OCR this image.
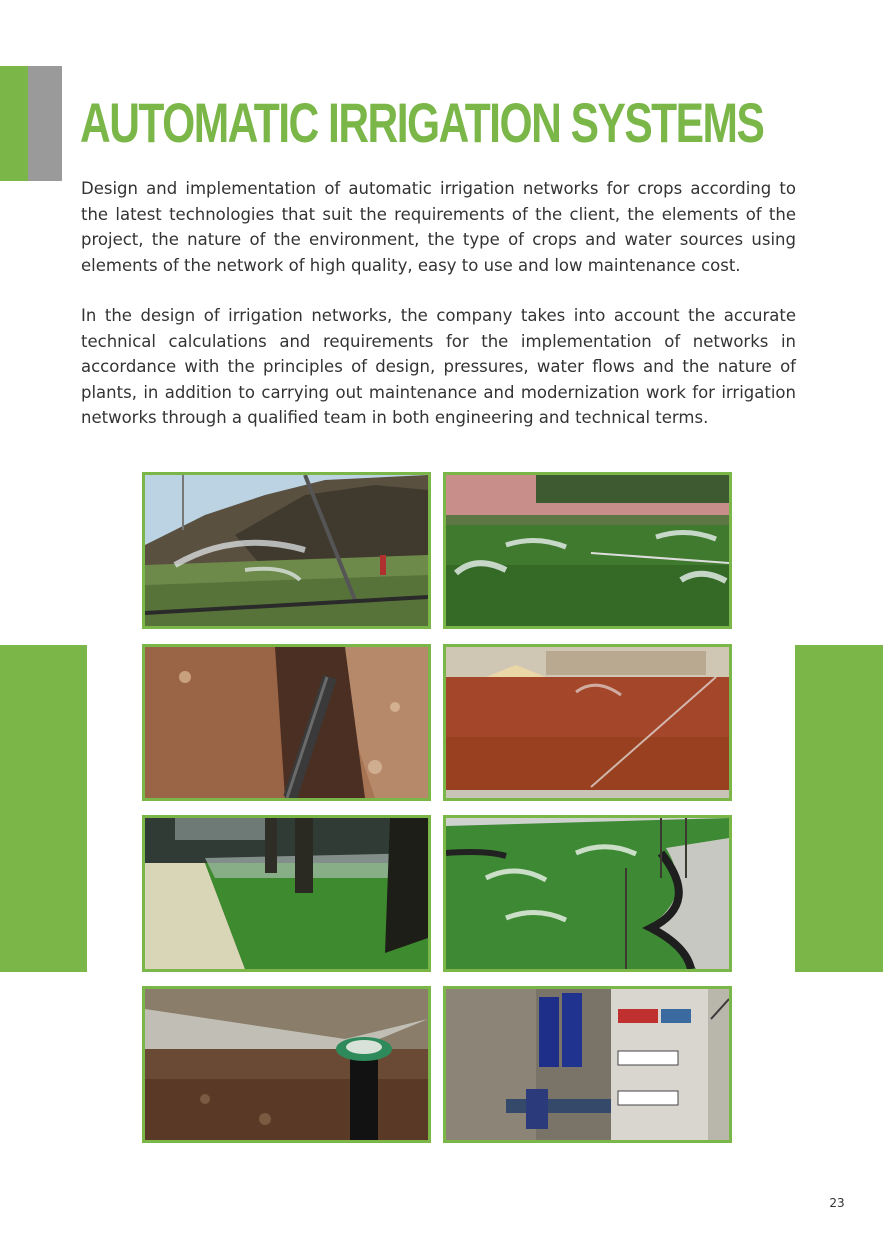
AUTOMATIC IRRIGATION SYSTEMS

Design and implementation of automatic irrigation networks for crops according to the latest technologies that suit the requirements of the client, the elements of the project, the nature of the environment, the type of crops and water sources using elements of the network of high quality, easy to use and low maintenance cost.

In the design of irrigation networks, the company takes into account the accurate technical calculations and requirements for the implementation of networks in accordance with the principles of design, pressures, water flows and the nature of plants, in addition to carrying out maintenance and modernization work for irrigation networks through a qualified team in both engineering and technical terms.

23
